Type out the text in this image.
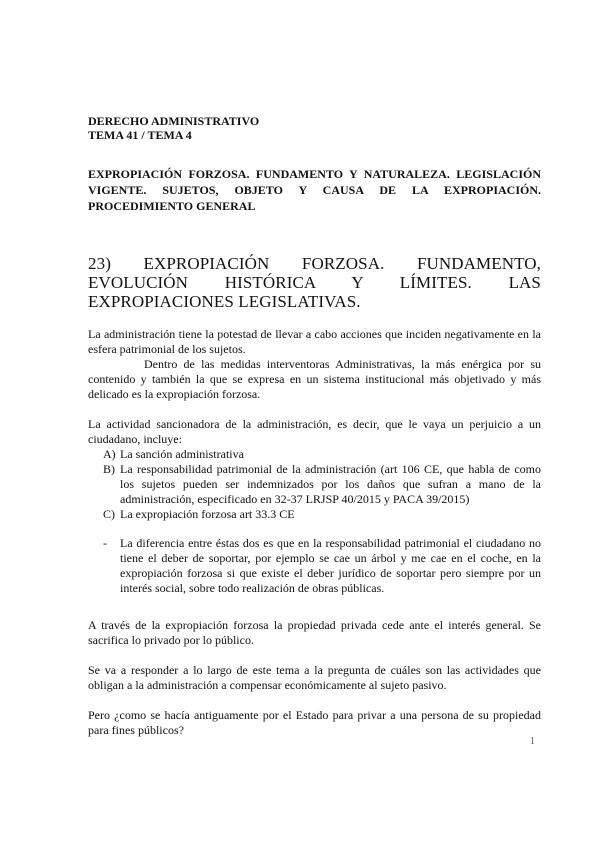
DERECHO ADMINISTRATIVO

TEMA 41 / TEMA 4

EXPROPIACIÓN FORZOSA. FUNDAMENTO Y NATURALEZA. LEGISLACIÓN VIGENTE. SUJETOS, OBJETO Y CAUSA DE LA EXPROPIACIÓN. PROCEDIMIENTO GENERAL
23) EXPROPIACIÓN FORZOSA. FUNDAMENTO, EVOLUCIÓN HISTÓRICA Y LÍMITES. LAS EXPROPIACIONES LEGISLATIVAS.

La administración tiene la potestad de llevar a cabo acciones que inciden negativamente en la esfera patrimonial de los sujetos.

Dentro de las medidas interventoras Administrativas, la más enérgica por su contenido y también la que se expresa en un sistema institucional más objetivado y más delicado es la expropiación forzosa.

La actividad sancionadora de la administración, es decir, que le vaya un perjuicio a un ciudadano, incluye:

A) La sanción administrativa
B) La responsabilidad patrimonial de la administración (art 106 CE, que habla de como los sujetos pueden ser indemnizados por los daños que sufran a mano de la administración, especificado en 32-37 LRJSP 40/2015 y PACA 39/2015)
C) La expropiación forzosa art 33.3 CE
- La diferencia entre éstas dos es que en la responsabilidad patrimonial el ciudadano no tiene el deber de soportar, por ejemplo se cae un árbol y me cae en el coche, en la expropiación forzosa si que existe el deber jurídico de soportar pero siempre por un interés social, sobre todo realización de obras públicas.

A través de la expropiación forzosa la propiedad privada cede ante el interés general. Se sacrifica lo privado por lo público.

Se va a responder a lo largo de este tema a la pregunta de cuáles son las actividades que obligan a la administración a compensar económicamente al sujeto pasivo.

Pero ¿como se hacía antiguamente por el Estado para privar a una persona de su propiedad para fines públicos?

1
